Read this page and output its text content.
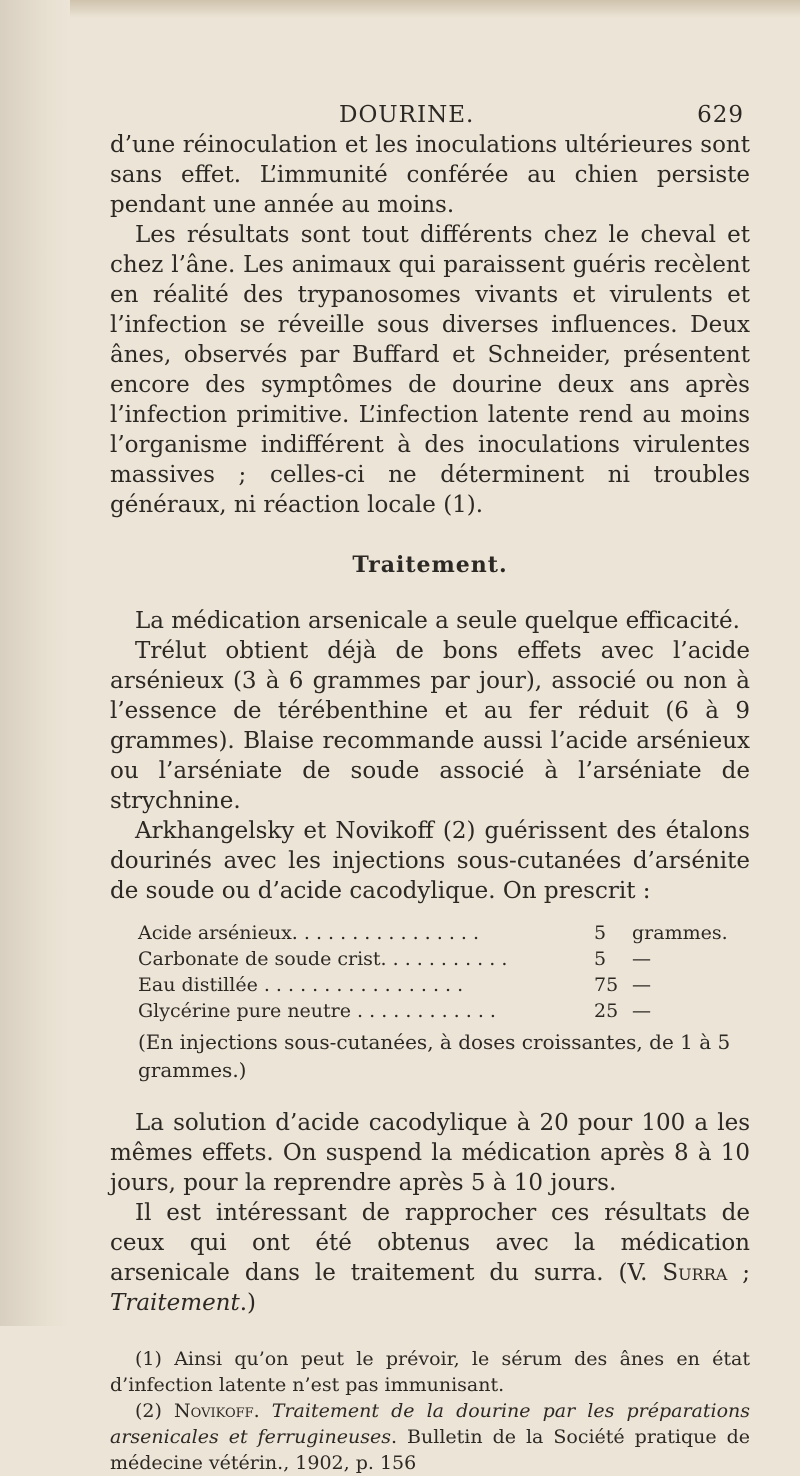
DOURINE.	629

d’une réinoculation et les inoculations ultérieures sont sans effet. L’immunité conférée au chien persiste pendant une année au moins.

Les résultats sont tout différents chez le cheval et chez l’âne. Les animaux qui paraissent guéris recèlent en réalité des trypanosomes vivants et virulents et l’infection se réveille sous diverses influences. Deux ânes, observés par Buffard et Schneider, présentent encore des symptômes de dourine deux ans après l’infection primitive. L’infection latente rend au moins l’organisme indifférent à des inoculations virulentes massives ; celles-ci ne déterminent ni troubles généraux, ni réaction locale (1).

Traitement.

La médication arsenicale a seule quelque efficacité.

Trélut obtient déjà de bons effets avec l’acide arsénieux (3 à 6 grammes par jour), associé ou non à l’essence de térébenthine et au fer réduit (6 à 9 grammes). Blaise recommande aussi l’acide arsénieux ou l’arséniate de soude associé à l’arséniate de strychnine.

Arkhangelsky et Novikoff (2) guérissent des étalons dourinés avec les injections sous-cutanées d’arsénite de soude ou d’acide cacodylique. On prescrit :

Acide arsénieux. . . . . . . . . . . . . . . .	5 grammes.
Carbonate de soude crist. . . . . . . . . . .	5 —
Eau distillée . . . . . . . . . . . . . . . . .	75 —
Glycérine pure neutre . . . . . . . . . . . .	25 —
(En injections sous-cutanées, à doses croissantes, de 1 à 5 grammes.)

La solution d’acide cacodylique à 20 pour 100 a les mêmes effets. On suspend la médication après 8 à 10 jours, pour la reprendre après 5 à 10 jours.

Il est intéressant de rapprocher ces résultats de ceux qui ont été obtenus avec la médication arsenicale dans le traitement du surra. (V. Surra ; Traitement.)

(1) Ainsi qu’on peut le prévoir, le sérum des ânes en état d’infection latente n’est pas immunisant.

(2) Novikoff. Traitement de la dourine par les préparations arsenicales et ferrugineuses. Bulletin de la Société pratique de médecine vétérin., 1902, p. 156
